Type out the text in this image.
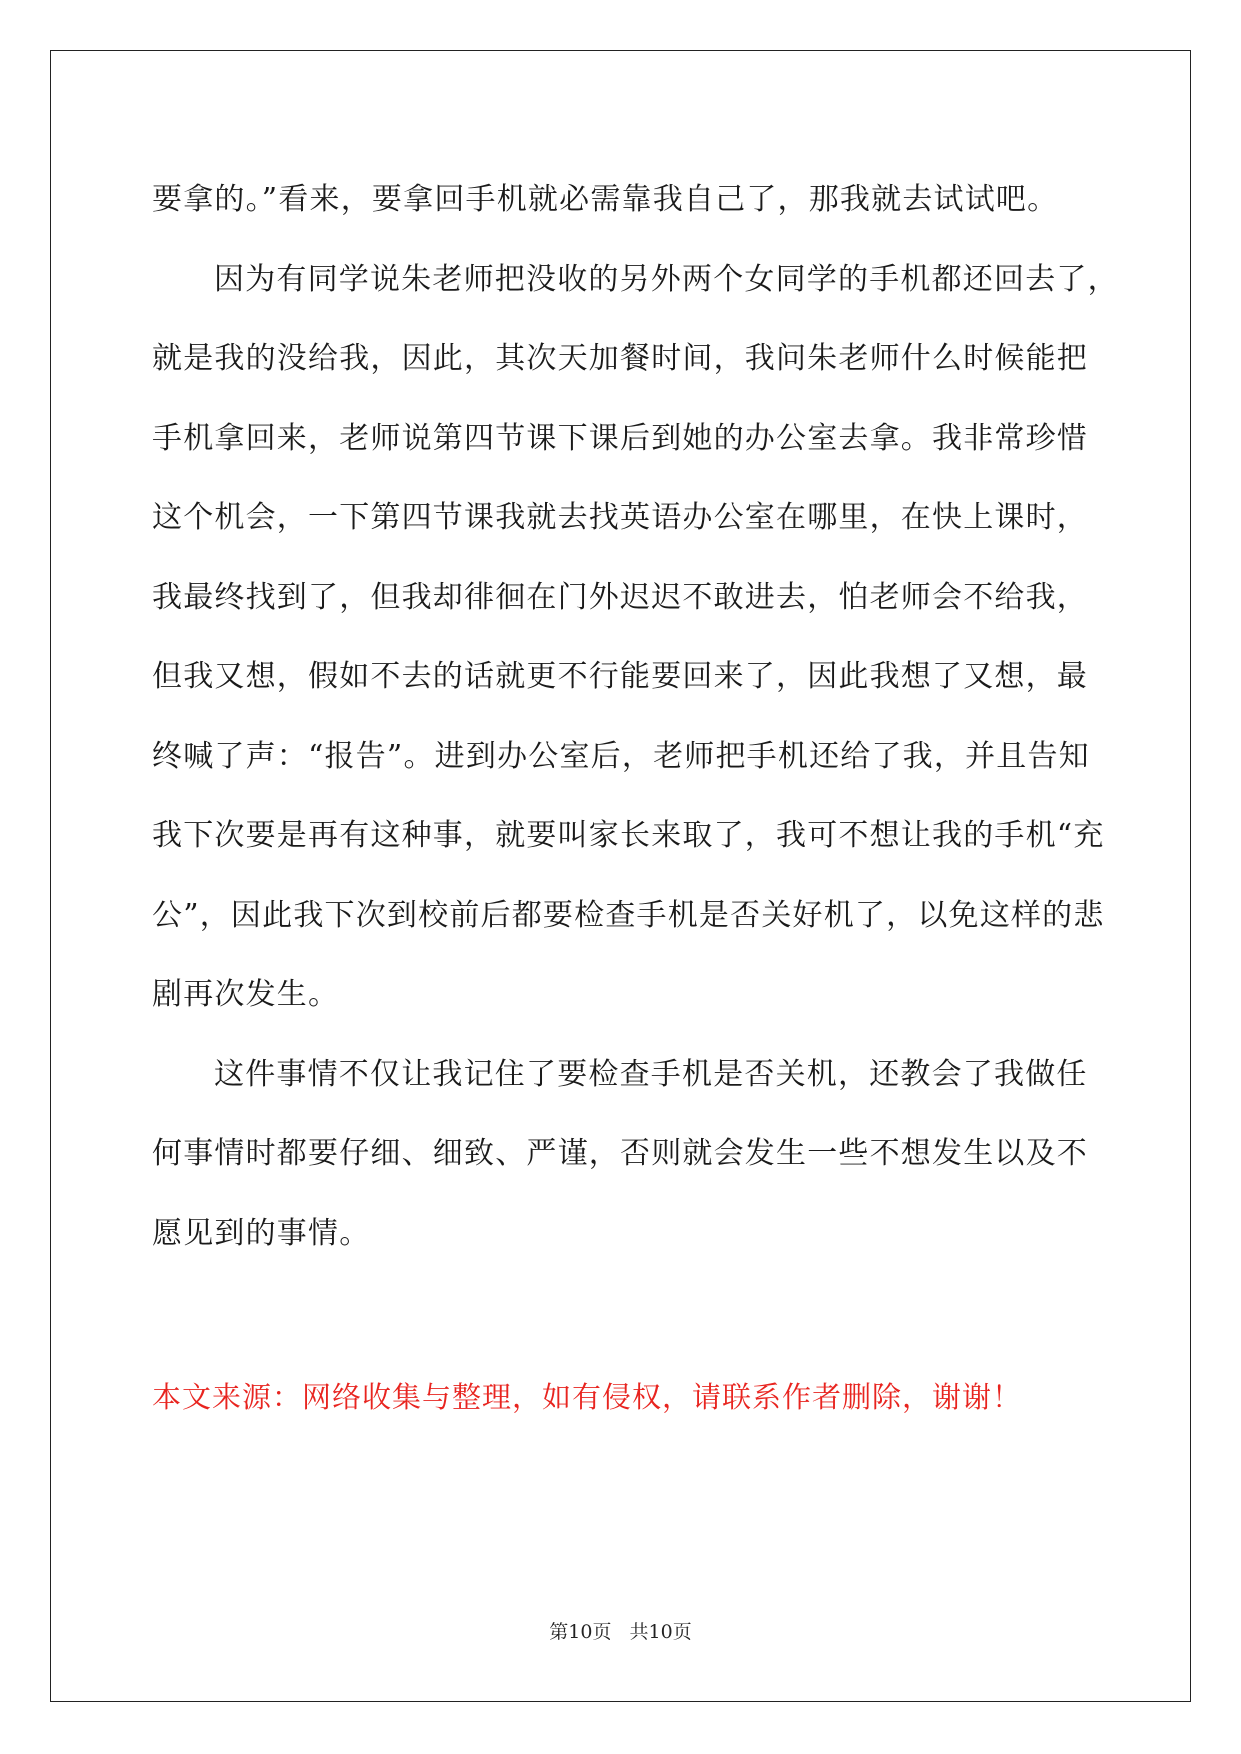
要拿的。”看来，要拿回手机就必需靠我自己了，那我就去试试吧。
因为有同学说朱老师把没收的另外两个女同学的手机都还回去了，
就是我的没给我，因此，其次天加餐时间，我问朱老师什么时候能把
手机拿回来，老师说第四节课下课后到她的办公室去拿。我非常珍惜
这个机会，一下第四节课我就去找英语办公室在哪里，在快上课时，
我最终找到了，但我却徘徊在门外迟迟不敢进去，怕老师会不给我，
但我又想，假如不去的话就更不行能要回来了，因此我想了又想，最
终喊了声：“报告”。进到办公室后，老师把手机还给了我，并且告知
我下次要是再有这种事，就要叫家长来取了，我可不想让我的手机“充
公”，因此我下次到校前后都要检查手机是否关好机了，以免这样的悲
剧再次发生。
这件事情不仅让我记住了要检查手机是否关机，还教会了我做任
何事情时都要仔细、细致、严谨，否则就会发生一些不想发生以及不
愿见到的事情。
本文来源：网络收集与整理，如有侵权，请联系作者删除，谢谢！
第10页 共10页
